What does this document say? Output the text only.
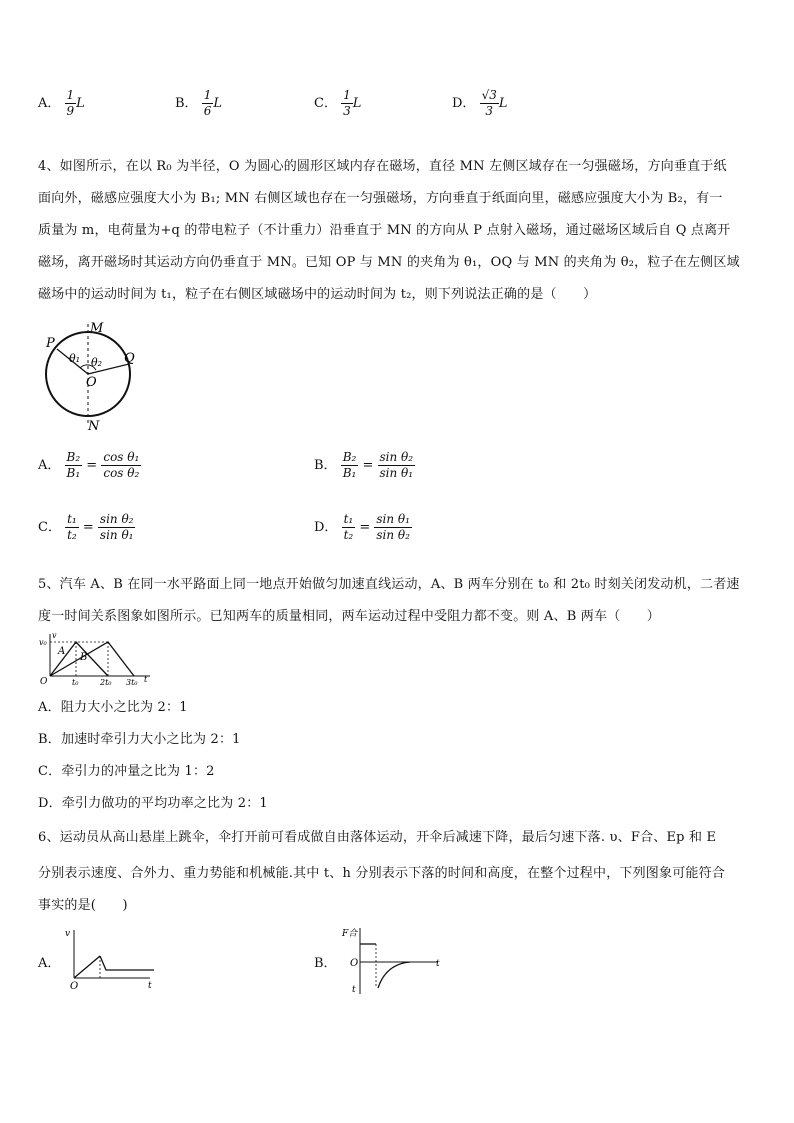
A． $\frac{1}{9}$ L	B． $\frac{1}{6}$ L	C． $\frac{1}{3}$ L	D． $\frac{√3}{3}$ L
4、如图所示，在以 R₀ 为半径，O 为圆心的圆形区域内存在磁场，直径 MN 左侧区域存在一匀强磁场，方向垂直于纸
面向外，磁感应强度大小为 B₁; MN 右侧区域也存在一匀强磁场，方向垂直于纸面向里，磁感应强度大小为 B₂，有一
质量为 m，电荷量为+q 的带电粒子（不计重力）沿垂直于 MN 的方向从 P 点射入磁场，通过磁场区域后自 Q 点离开
磁场，离开磁场时其运动方向仍垂直于 MN。已知 OP 与 MN 的夹角为 θ₁，OQ 与 MN 的夹角为 θ₂，粒子在左侧区域
磁场中的运动时间为 t₁，粒子在右侧区域磁场中的运动时间为 t₂，则下列说法正确的是（　　）
M
P
Q
O
θ₁ θ₂
N
A． $\frac{\text{B₂}}{\text{B₁}} = \frac{\text{cos θ₁}}{\text{cos θ₂}}$	B． $\frac{\text{B₂}}{\text{B₁}} = \frac{\text{sin θ₂}}{\text{sin θ₁}}$
C． $\frac{\text{t₁}}{\text{t₂}} = \frac{\text{sin θ₂}}{\text{sin θ₁}}$	D． $\frac{\text{t₁}}{\text{t₂}} = \frac{\text{sin θ₁}}{\text{sin θ₂}}$
5、汽车 A、B 在同一水平路面上同一地点开始做匀加速直线运动，A、B 两车分别在 t₀ 和 2t₀ 时刻关闭发动机，二者速
度一时间关系图象如图所示。已知两车的质量相同，两车运动过程中受阻力都不变。则 A、B 两车（　　）
v
v₀
A
B
O	t₀	2t₀ 3t₀ t
A．阻力大小之比为 2：1
B．加速时牵引力大小之比为 2：1
C．牵引力的冲量之比为 1：2
D．牵引力做功的平均功率之比为 2：1
6、运动员从高山悬崖上跳伞，伞打开前可看成做自由落体运动，开伞后减速下降，最后匀速下落. υ、F合、Ep 和 E
分别表示速度、合外力、重力势能和机械能.其中 t、h 分别表示下落的时间和高度，在整个过程中，下列图象可能符合
事实的是(　　)
A．
v
O	t
B．
F合
O	t
t
